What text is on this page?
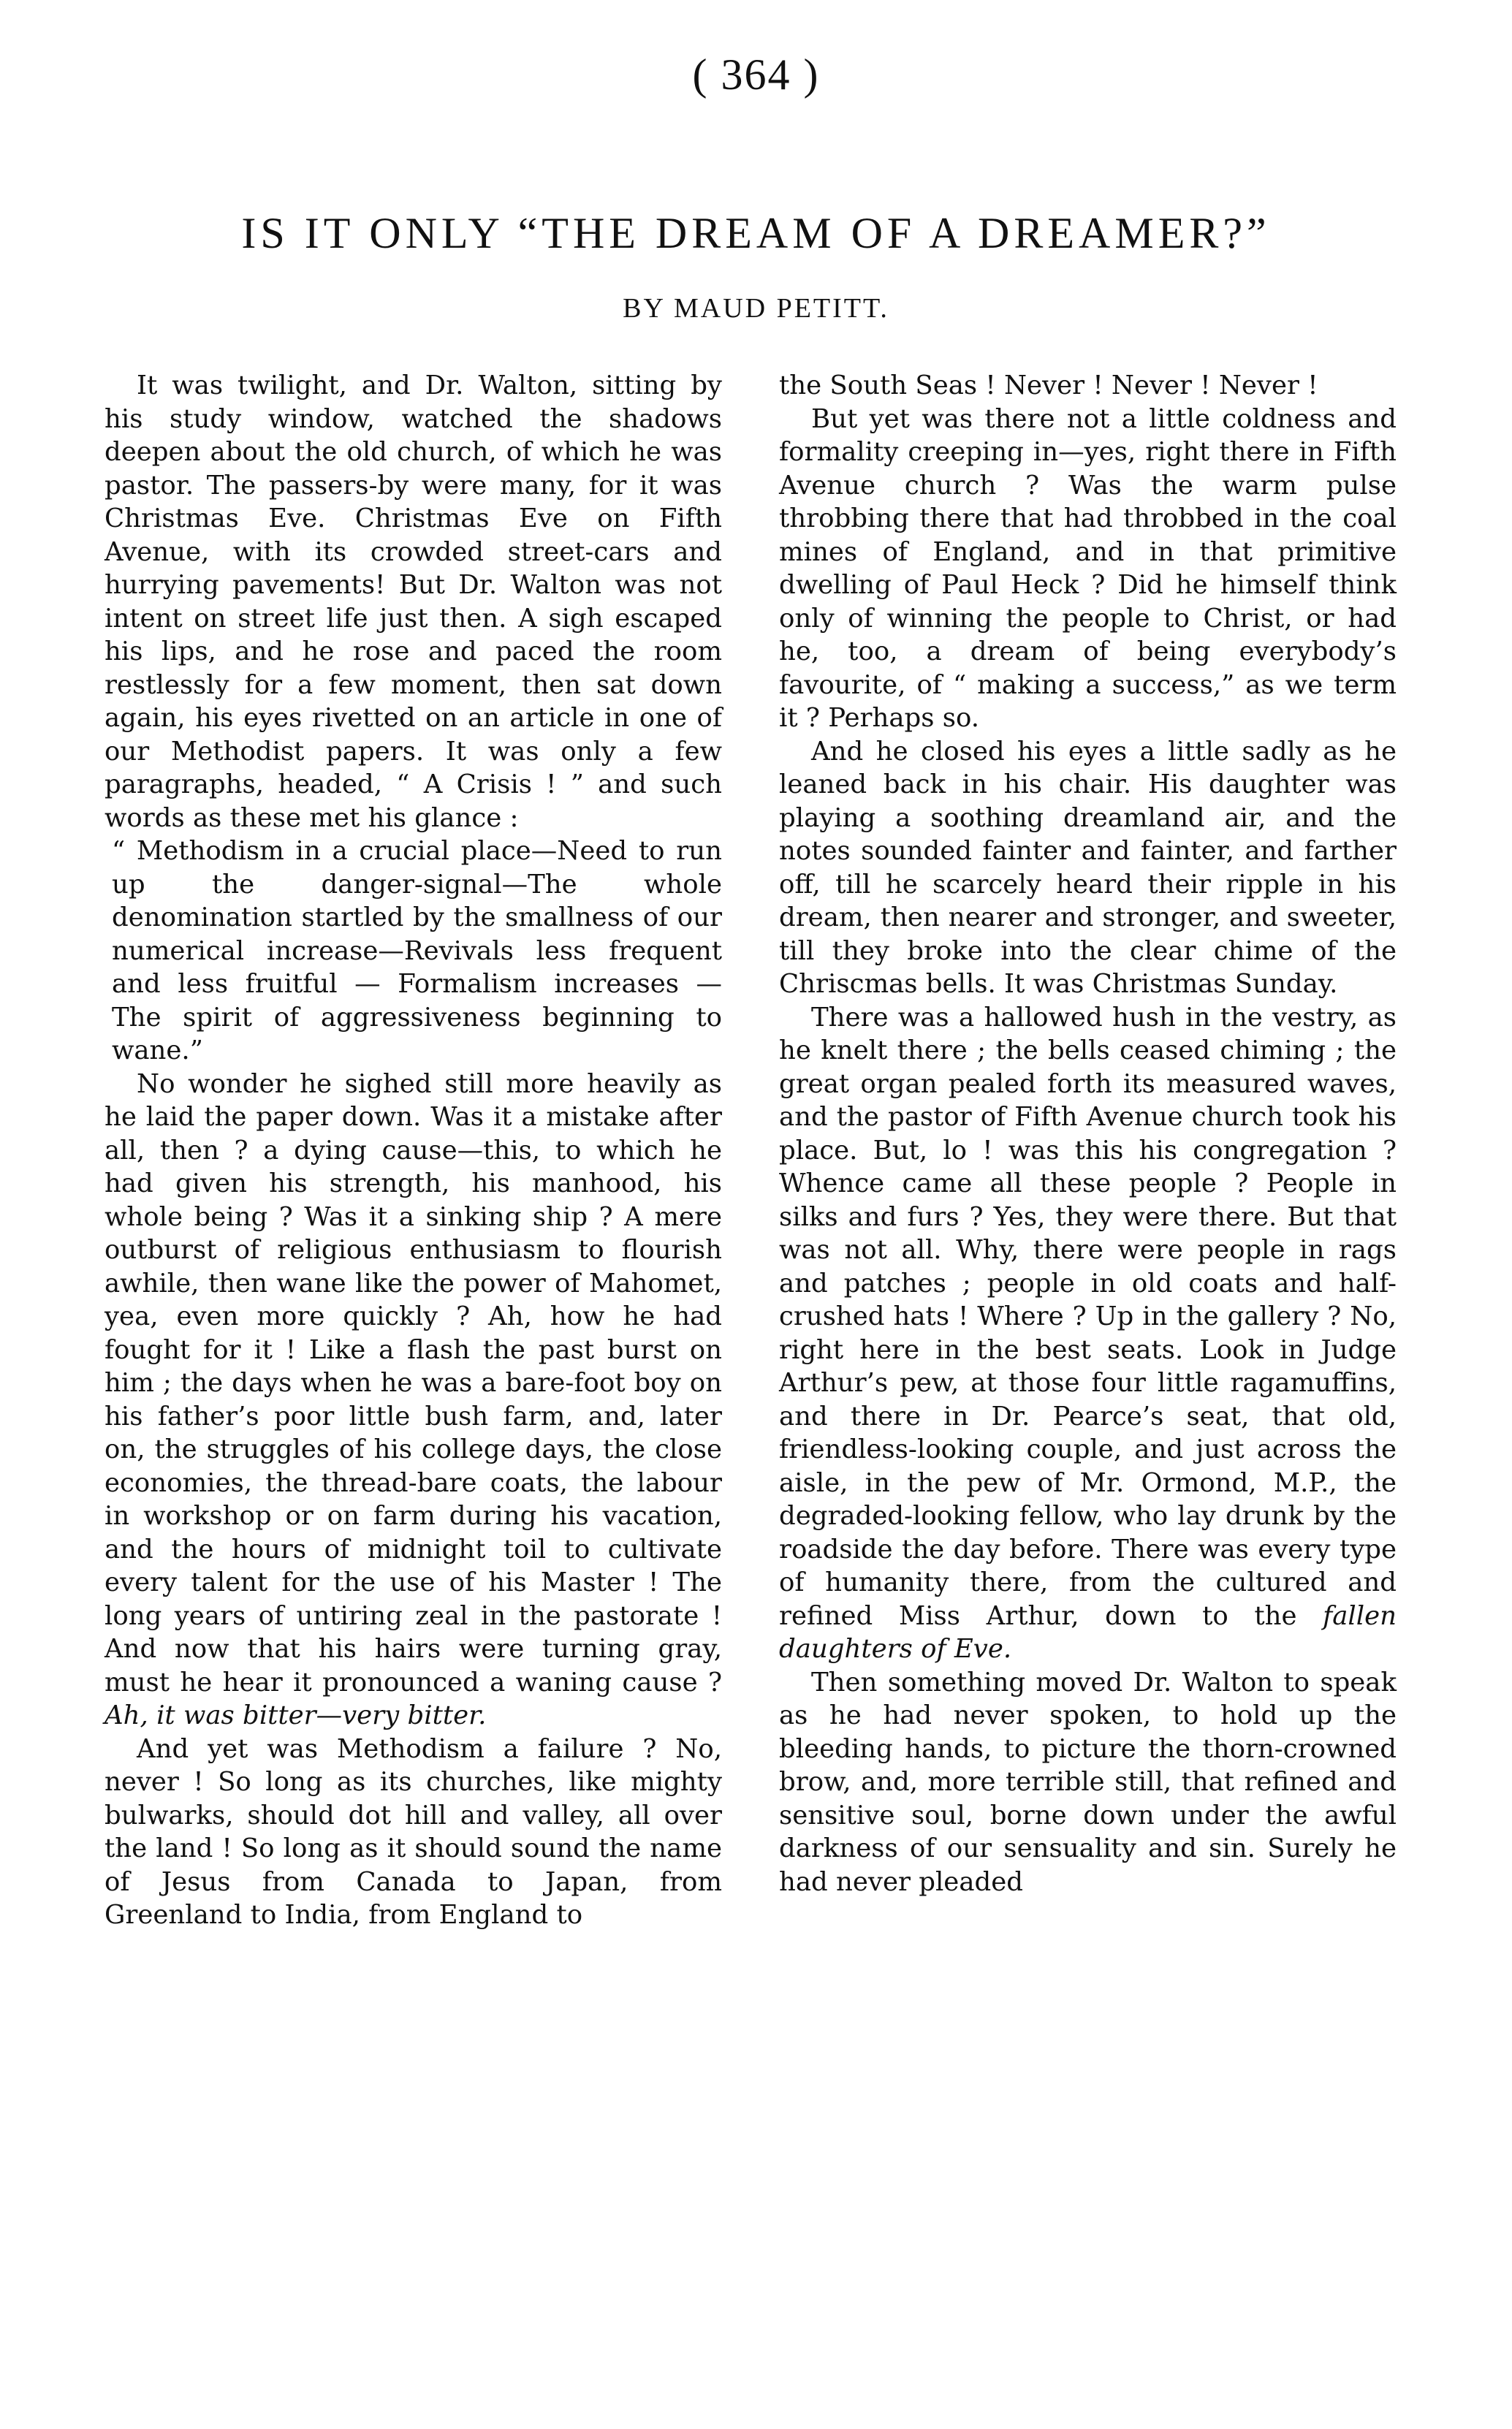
( 364 )
IS IT ONLY “THE DREAM OF A DREAMER?”
BY MAUD PETITT.

It was twilight, and Dr. Walton, sitting by his study window, watched the shadows deepen about the old church, of which he was pastor. The passers-by were many, for it was Christmas Eve. Christmas Eve on Fifth Avenue, with its crowded street-cars and hurrying pavements! But Dr. Walton was not intent on street life just then. A sigh escaped his lips, and he rose and paced the room restlessly for a few moment, then sat down again, his eyes rivetted on an article in one of our Methodist papers. It was only a few paragraphs, headed, “ A Crisis ! ” and such words as these met his glance :

“ Methodism in a crucial place—Need to run up the danger-signal—The whole denomination startled by the smallness of our numerical increase—Revivals less frequent and less fruitful — Formalism increases — The spirit of aggressiveness beginning to wane.”

No wonder he sighed still more heavily as he laid the paper down. Was it a mistake after all, then ? a dying cause—this, to which he had given his strength, his manhood, his whole being ? Was it a sinking ship ? A mere outburst of religious enthusiasm to flourish awhile, then wane like the power of Mahomet, yea, even more quickly ? Ah, how he had fought for it ! Like a flash the past burst on him ; the days when he was a bare-foot boy on his father’s poor little bush farm, and, later on, the struggles of his college days, the close economies, the thread-bare coats, the labour in workshop or on farm during his vacation, and the hours of midnight toil to cultivate every talent for the use of his Master ! The long years of untiring zeal in the pastorate ! And now that his hairs were turning gray, must he hear it pronounced a waning cause ? Ah, it was bitter—very bitter.

And yet was Methodism a failure ? No, never ! So long as its churches, like mighty bulwarks, should dot hill and valley, all over the land ! So long as it should sound the name of Jesus from Canada to Japan, from Greenland to India, from England to

the South Seas ! Never ! Never ! Never !

But yet was there not a little coldness and formality creeping in—yes, right there in Fifth Avenue church ? Was the warm pulse throbbing there that had throbbed in the coal mines of England, and in that primitive dwelling of Paul Heck ? Did he himself think only of winning the people to Christ, or had he, too, a dream of being everybody’s favourite, of “ making a success,” as we term it ? Perhaps so.

And he closed his eyes a little sadly as he leaned back in his chair. His daughter was playing a soothing dreamland air, and the notes sounded fainter and fainter, and farther off, till he scarcely heard their ripple in his dream, then nearer and stronger, and sweeter, till they broke into the clear chime of the Chriscmas bells. It was Christmas Sunday.

There was a hallowed hush in the vestry, as he knelt there ; the bells ceased chiming ; the great organ pealed forth its measured waves, and the pastor of Fifth Avenue church took his place. But, lo ! was this his congregation ? Whence came all these people ? People in silks and furs ? Yes, they were there. But that was not all. Why, there were people in rags and patches ; people in old coats and half-crushed hats ! Where ? Up in the gallery ? No, right here in the best seats. Look in Judge Arthur’s pew, at those four little ragamuffins, and there in Dr. Pearce’s seat, that old, friendless-looking couple, and just across the aisle, in the pew of Mr. Ormond, M.P., the degraded-looking fellow, who lay drunk by the roadside the day before. There was every type of humanity there, from the cultured and refined Miss Arthur, down to the fallen daughters of Eve.

Then something moved Dr. Walton to speak as he had never spoken, to hold up the bleeding hands, to picture the thorn-crowned brow, and, more terrible still, that refined and sensitive soul, borne down under the awful darkness of our sensuality and sin. Surely he had never pleaded
